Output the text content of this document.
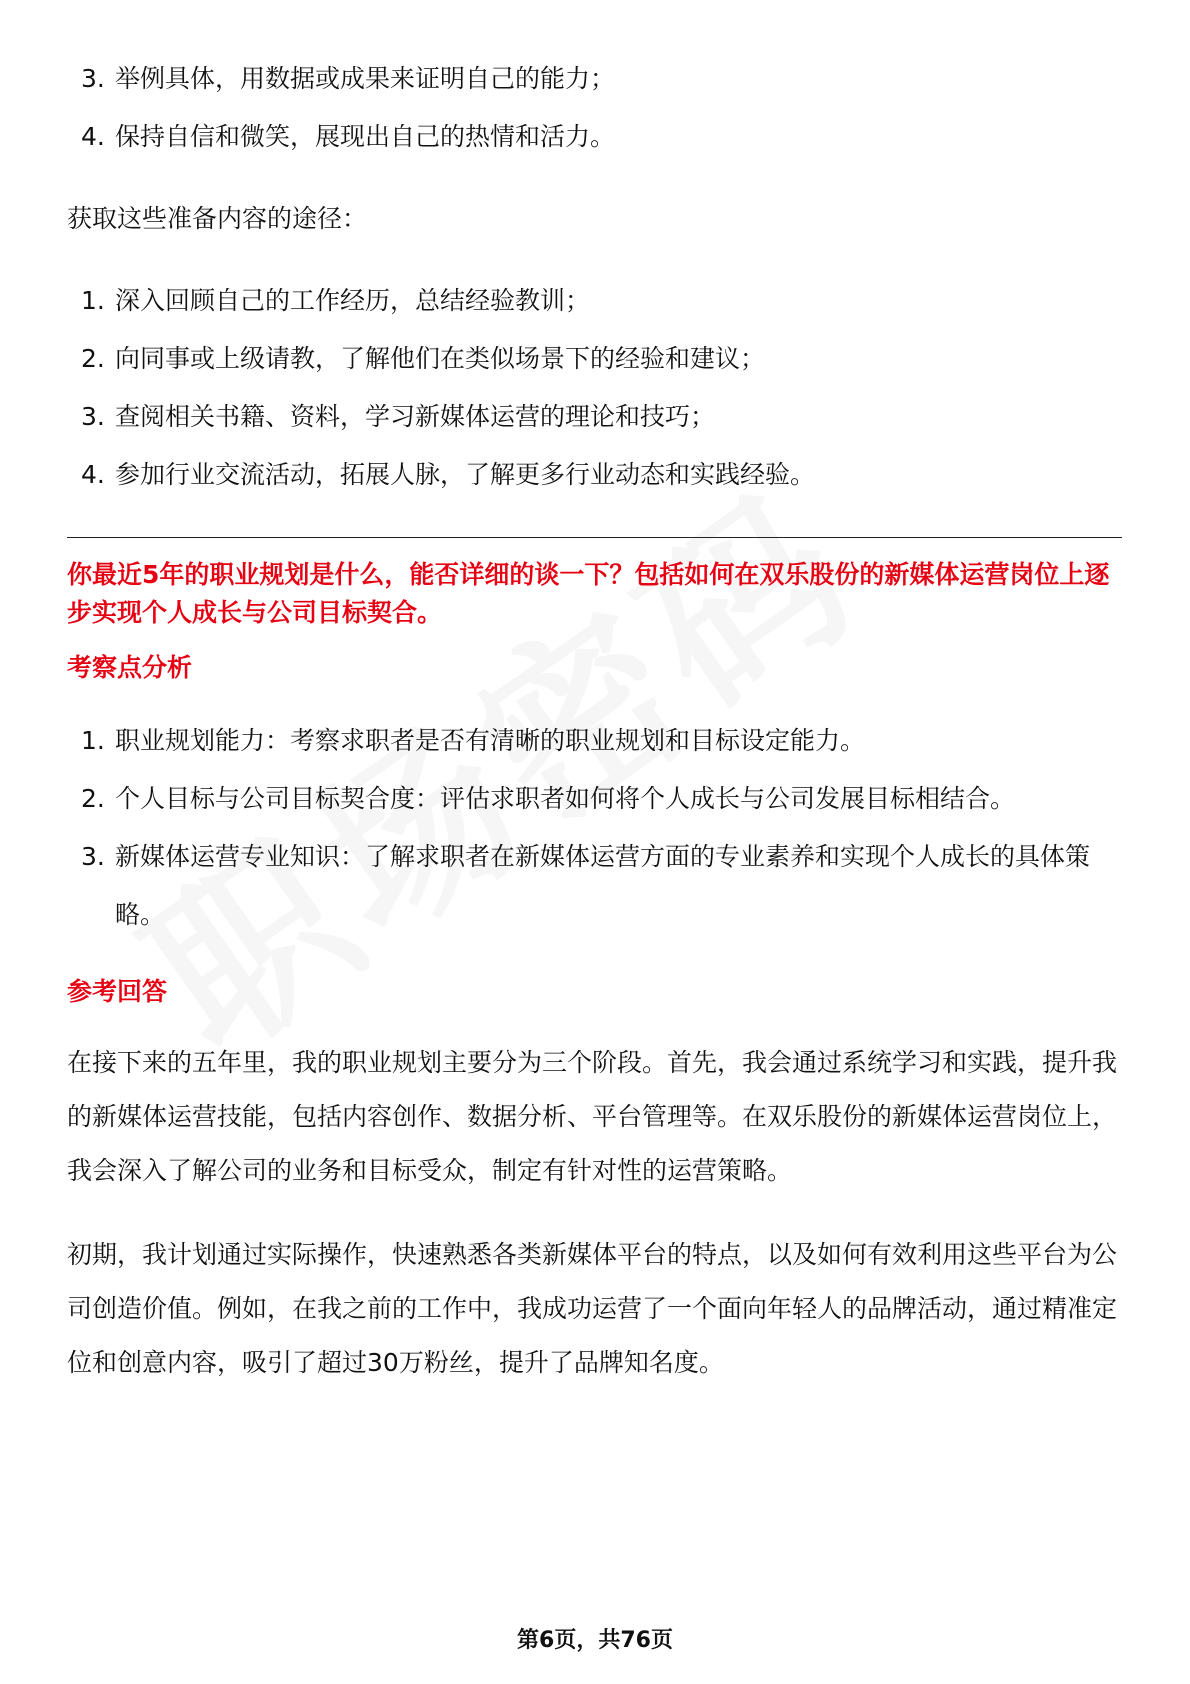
3. 举例具体，用数据或成果来证明自己的能力；
4. 保持自信和微笑，展现出自己的热情和活力。

获取这些准备内容的途径：

1. 深入回顾自己的工作经历，总结经验教训；
2. 向同事或上级请教，了解他们在类似场景下的经验和建议；
3. 查阅相关书籍、资料，学习新媒体运营的理论和技巧；
4. 参加行业交流活动，拓展人脉，了解更多行业动态和实践经验。

你最近5年的职业规划是什么，能否详细的谈一下？包括如何在双乐股份的新媒体运营岗位上逐步实现个人成长与公司目标契合。

考察点分析
1. 职业规划能力：考察求职者是否有清晰的职业规划和目标设定能力。
2. 个人目标与公司目标契合度：评估求职者如何将个人成长与公司发展目标相结合。
3. 新媒体运营专业知识：了解求职者在新媒体运营方面的专业素养和实现个人成长的具体策略。
参考回答

在接下来的五年里，我的职业规划主要分为三个阶段。首先，我会通过系统学习和实践，提升我的新媒体运营技能，包括内容创作、数据分析、平台管理等。在双乐股份的新媒体运营岗位上，我会深入了解公司的业务和目标受众，制定有针对性的运营策略。

初期，我计划通过实际操作，快速熟悉各类新媒体平台的特点，以及如何有效利用这些平台为公司创造价值。例如，在我之前的工作中，我成功运营了一个面向年轻人的品牌活动，通过精准定位和创意内容，吸引了超过30万粉丝，提升了品牌知名度。

第6页，共76页
